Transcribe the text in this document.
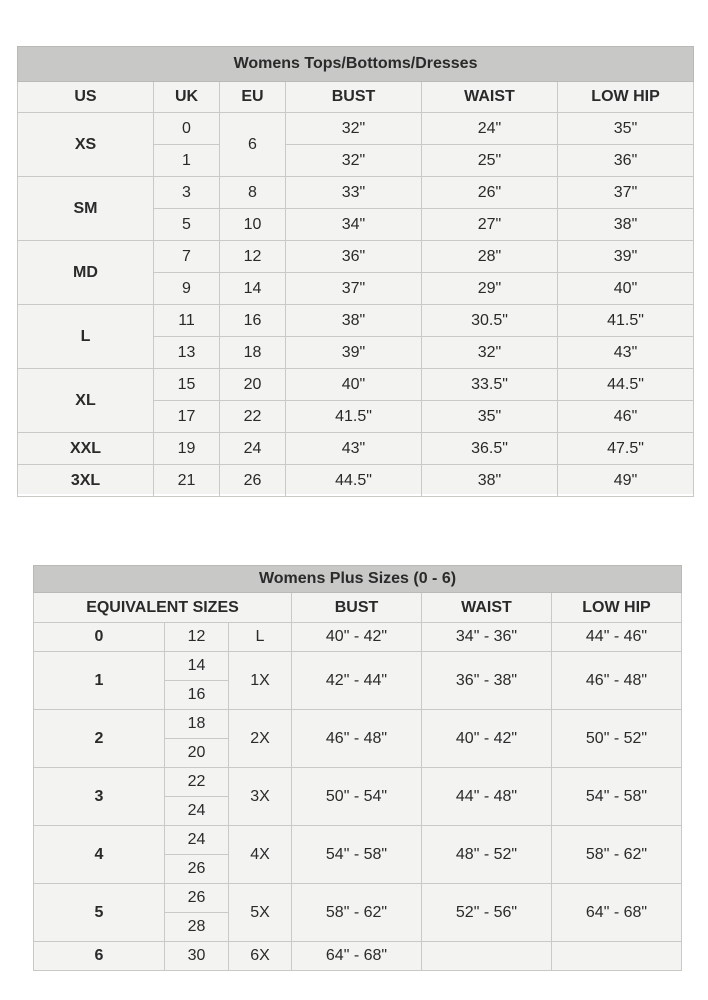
Womens Tops/Bottoms/Dresses					
US	UK	EU	BUST	WAIST	LOW HIP
XS	0	6	32"	24"	35"
	1		32"	25"	36"
SM	3	8	33"	26"	37"
	5	10	34"	27"	38"
MD	7	12	36"	28"	39"
	9	14	37"	29"	40"
L	11	16	38"	30.5"	41.5"
	13	18	39"	32"	43"
XL	15	20	40"	33.5"	44.5"
	17	22	41.5"	35"	46"
XXL	19	24	43"	36.5"	47.5"
3XL	21	26	44.5"	38"	49"
Womens Plus Sizes (0 - 6)					
EQUIVALENT SIZES			BUST	WAIST	LOW HIP
0	12	L	40" - 42"	34" - 36"	44" - 46"
1	14	1X	42" - 44"	36" - 38"	46" - 48"
	16				
2	18	2X	46" - 48"	40" - 42"	50" - 52"
	20				
3	22	3X	50" - 54"	44" - 48"	54" - 58"
	24				
4	24	4X	54" - 58"	48" - 52"	58" - 62"
	26				
5	26	5X	58" - 62"	52" - 56"	64" - 68"
	28				
6	30	6X	64" - 68"		
